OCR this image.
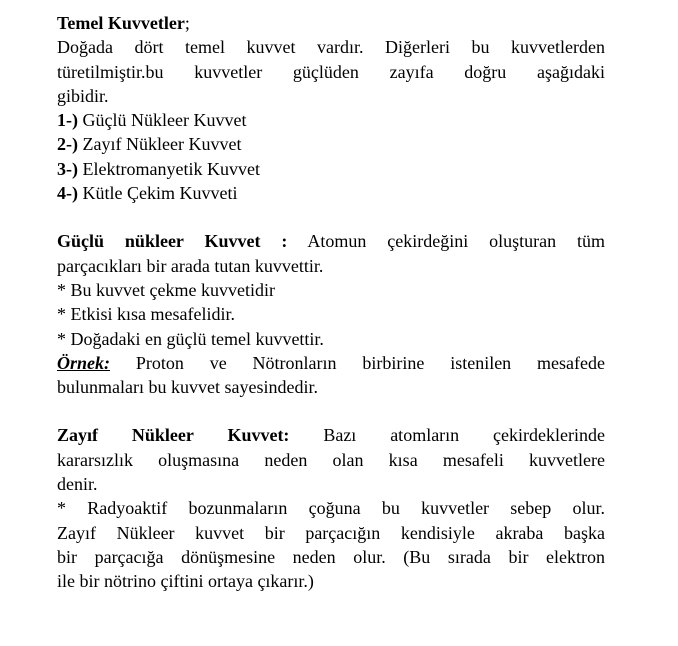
Temel Kuvvetler;

Doğada dört temel kuvvet vardır. Diğerleri bu kuvvetlerden

türetilmiştir.bu kuvvetler güçlüden zayıfa doğru aşağıdaki

gibidir.

1-) Güçlü Nükleer Kuvvet

2-) Zayıf Nükleer Kuvvet

3-) Elektromanyetik Kuvvet

4-) Kütle Çekim Kuvveti

Güçlü nükleer Kuvvet : Atomun çekirdeğini oluşturan tüm

parçacıkları bir arada tutan kuvvettir.

* Bu kuvvet çekme kuvvetidir

* Etkisi kısa mesafelidir.

* Doğadaki en güçlü temel kuvvettir.

Örnek: Proton ve Nötronların birbirine istenilen mesafede

bulunmaları bu kuvvet sayesindedir.

Zayıf Nükleer Kuvvet: Bazı atomların çekirdeklerinde

kararsızlık oluşmasına neden olan kısa mesafeli kuvvetlere

denir.

* Radyoaktif bozunmaların çoğuna bu kuvvetler sebep olur.

Zayıf Nükleer kuvvet bir parçacığın kendisiyle akraba başka

bir parçacığa dönüşmesine neden olur. (Bu sırada bir elektron

ile bir nötrino çiftini ortaya çıkarır.)
